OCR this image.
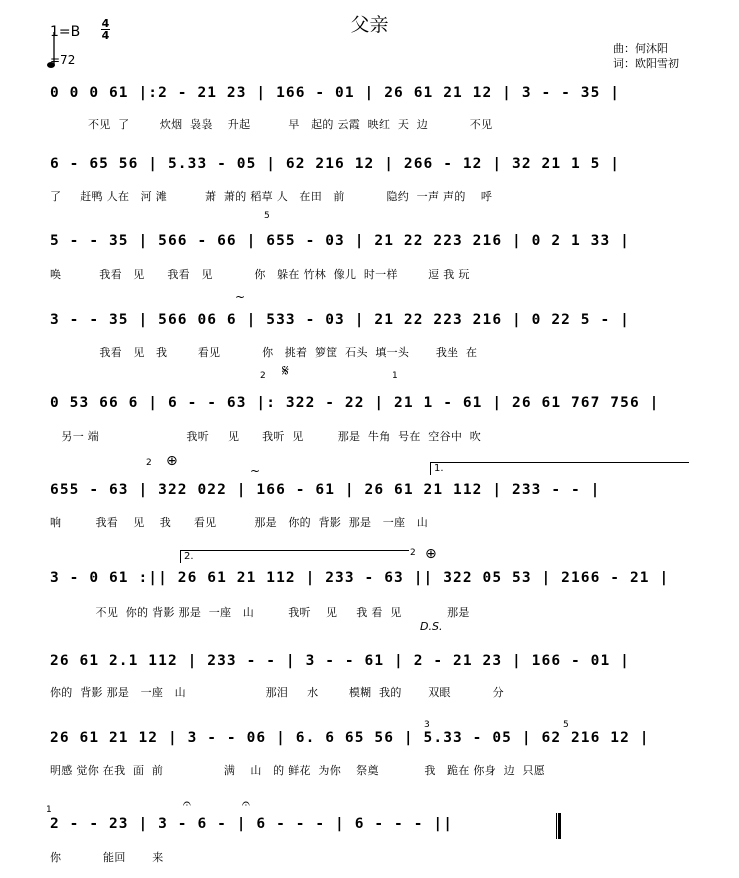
父亲
1=B
4
4
=72
曲：何沐阳
词：欧阳雪初
0 0 0 61 |:2 - 21 23 | 166 - 01 | 26 61 21 12 | 3 - - 35 |
不见  了        炊烟  袅袅    升起          早   起的 云霞  映红  天  边           不见
6 - 65 56 | 5.33 - 05 | 62 216 12 | 266 - 12 | 32 21 1 5 |
了     赶鸭 人在   河 滩          萧  萧的 稻草 人   在田   前           隐约  一声 声的    呼
5 - - 35 | 566 - 66 | 655 - 03 | 21 22 223 216 | 0 2 1 33 |
唤          我看   见      我看   见           你   躲在 竹林  像儿  时一样        逗 我 玩
3 - - 35 | 566 06 6 | 533 - 03 | 21 22 223 216 | 0 22 5 - |
我看   见   我        看见           你   挑着  箩筐  石头  填一头       我坐  在
0 53 66 6 | 6 - - 63 |: 322 - 22 | 21 1 - 61 | 26 61 767 756 |
另一 端                       我听     见      我听  见         那是  牛角  号在  空谷中  吹
655 - 63 | 322 022 | 166 - 61 | 26 61 21 112 | 233 - - |
响         我看    见    我      看见          那是   你的  背影  那是   一座   山
3 - 0 61 :|| 26 61 21 112 | 233 - 63 || 322 05 53 | 2166 - 21 |
不见  你的 背影 那是  一座   山         我听    见     我 看  见            那是
26 61 2.1 112 | 233 - - | 3 - - 61 | 2 - 21 23 | 166 - 01 |
你的  背影 那是   一座   山                     那泪     水        模糊  我的       双眼           分
26 61 21 12 | 3 - - 06 | 6. 6 65 56 | 5.33 - 05 | 62 216 12 |
明感 觉你 在我  面  前                满    山   的 鲜花  为你    祭奠            我   跪在 你身  边  只愿
2 - - 23 | 3 - 6 - | 6 - - - | 6 - - - ||
你           能回       来
𝄋
⊕
⊕
D.S.
1.
2.
5
2	1
2
2
3	5
1
~
~
𝄐	𝄐
